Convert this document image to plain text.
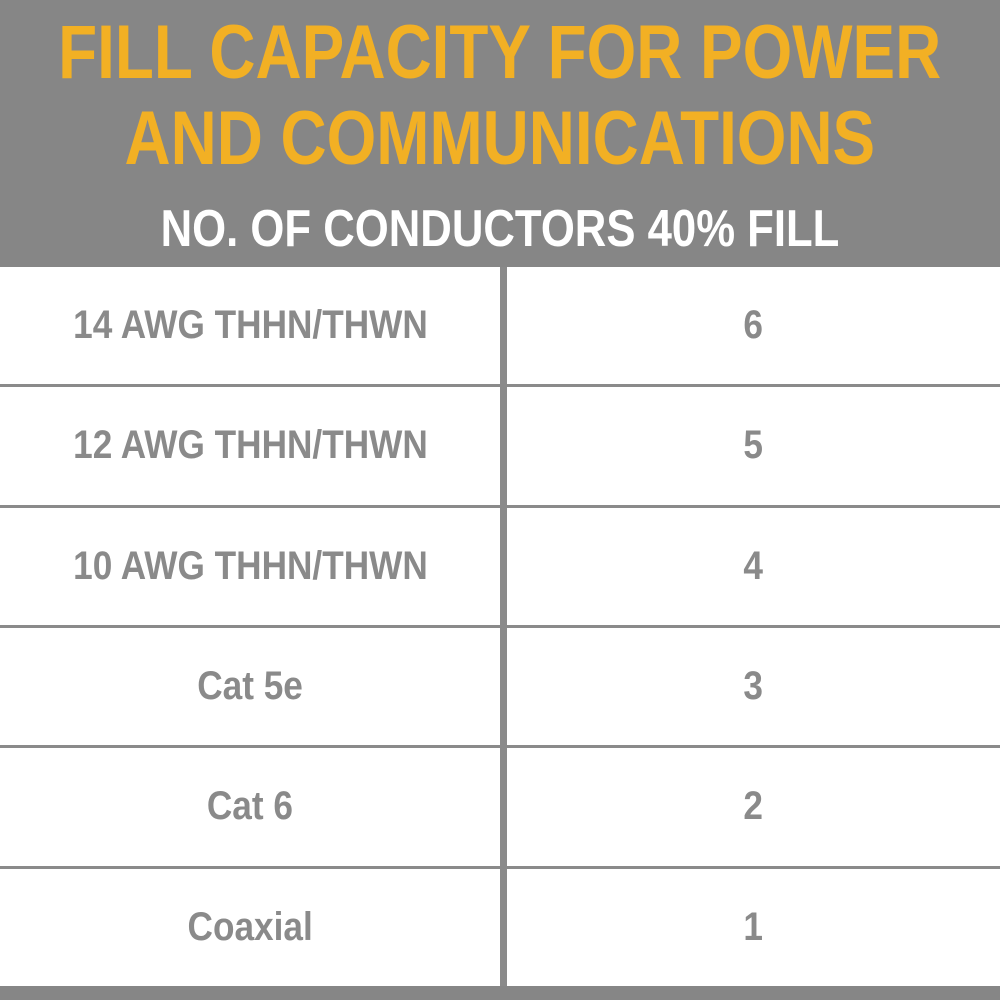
FILL CAPACITY FOR POWER
AND COMMUNICATIONS
NO. OF CONDUCTORS 40% FILL
14 AWG THHN/THWN	6
12 AWG THHN/THWN	5
10 AWG THHN/THWN	4
Cat 5e	3
Cat 6	2
Coaxial	1
